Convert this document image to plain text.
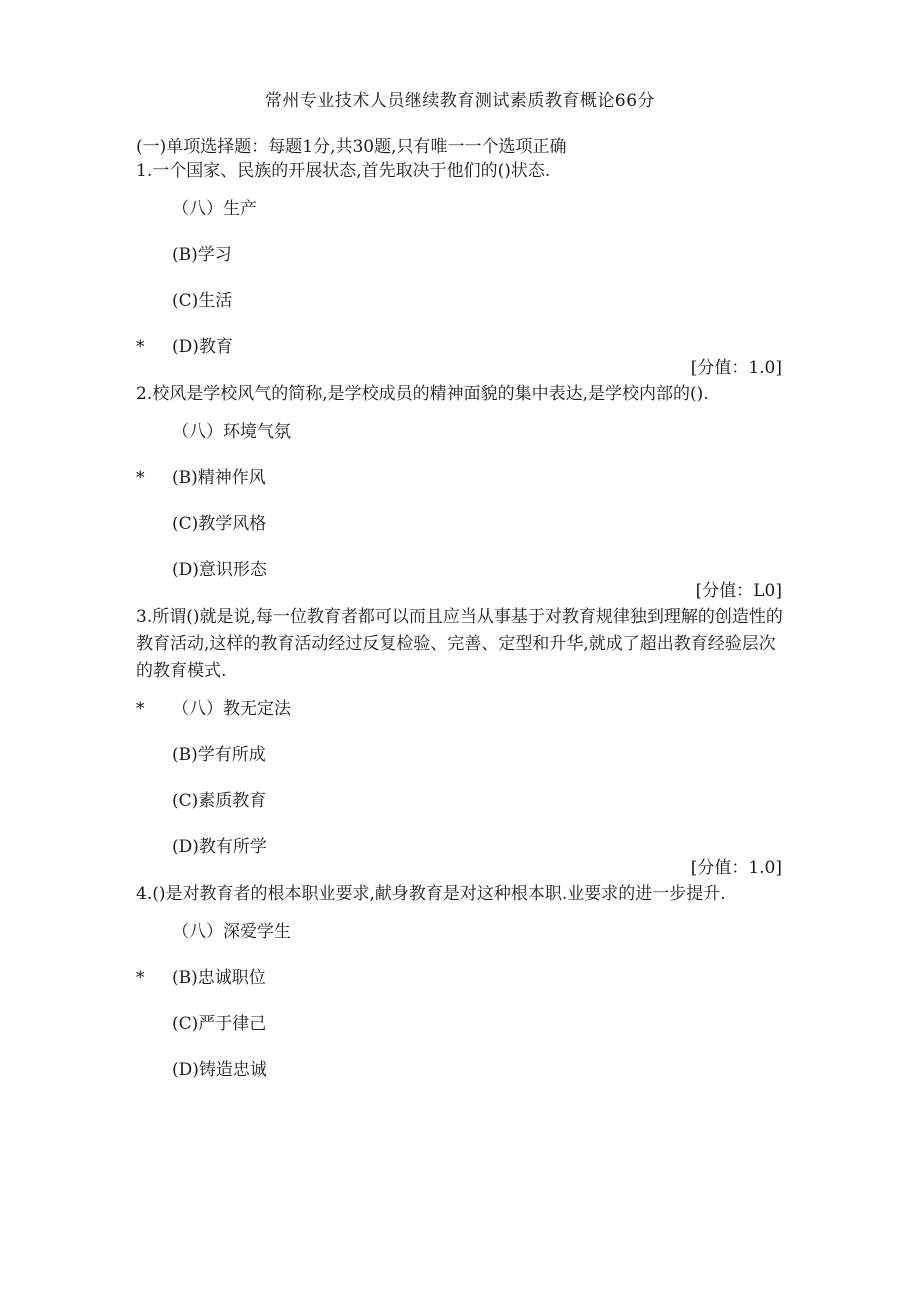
常州专业技术人员继续教育测试素质教育概论66分
(一)单项选择题：每题1分,共30题,只有唯一一个选项正确

1.一个国家、民族的开展状态,首先取决于他们的()状态.

（八）生产
(B)学习
(C)生活
*	(D)教育
[分值：1.0]

2.校风是学校风气的简称,是学校成员的精神面貌的集中表达,是学校内部的().

（八）环境气氛
*	(B)精神作风
(C)教学风格
(D)意识形态
[分值：L0]

3.所谓()就是说,每一位教育者都可以而且应当从事基于对教育规律独到理解的创造性的教育活动,这样的教育活动经过反复检验、完善、定型和升华,就成了超出教育经验层次的教育模式.

*	（八）教无定法
(B)学有所成
(C)素质教育
(D)教有所学
[分值：1.0]

4.()是对教育者的根本职业要求,献身教育是对这种根本职.业要求的进一步提升.

（八）深爱学生
*	(B)忠诚职位
(C)严于律己
(D)铸造忠诚
